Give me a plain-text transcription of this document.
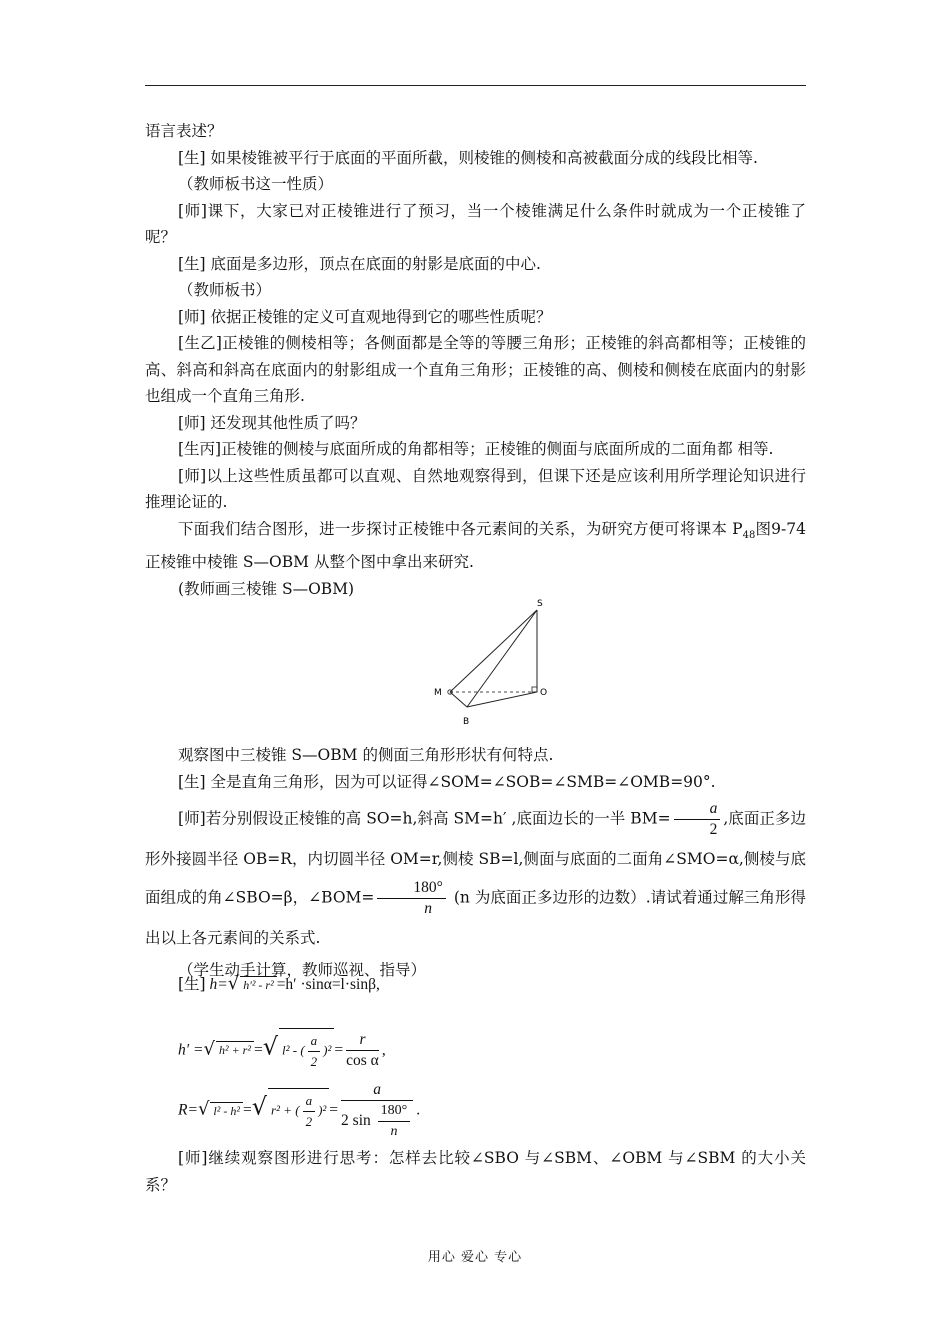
语言表述？

[生] 如果棱锥被平行于底面的平面所截，则棱锥的侧棱和高被截面分成的线段比相等.

（教师板书这一性质）

[师]课下，大家已对正棱锥进行了预习，当一个棱锥满足什么条件时就成为一个正棱锥了呢？

[生] 底面是多边形，顶点在底面的射影是底面的中心.

（教师板书）

[师] 依据正棱锥的定义可直观地得到它的哪些性质呢？

[生乙]正棱锥的侧棱相等；各侧面都是全等的等腰三角形；正棱锥的斜高都相等；正棱锥的高、斜高和斜高在底面内的射影组成一个直角三角形；正棱锥的高、侧棱和侧棱在底面内的射影也组成一个直角三角形.

[师] 还发现其他性质了吗？

[生丙]正棱锥的侧棱与底面所成的角都相等；正棱锥的侧面与底面所成的二面角都 相等.

[师]以上这些性质虽都可以直观、自然地观察得到，但课下还是应该利用所学理论知识进行推理论证的.

下面我们结合图形，进一步探讨正棱锥中各元素间的关系，为研究方便可将课本 $P_{48}$图9-74 正棱锥中棱锥 S—OBM 从整个图中拿出来研究.

(教师画三棱锥 S—OBM)

观察图中三棱锥 S—OBM 的侧面三角形形状有何特点.

[生] 全是直角三角形，因为可以证得∠SOM=∠SOB=∠SMB=∠OMB=90°.

[师]若分别假设正棱锥的高 SO=h,斜高 SM=h′ ,底面边长的一半 $BM= \frac{a}{2}$ ,底面正多边形外接圆半径 OB=R，内切圆半径 OM=r,侧棱 SB=l,侧面与底面的二面角∠SMO=α,侧棱与底面组成的角∠SBO=β，∠BOM= $\frac{180^\circ}{n} (n$ 为底面正多边形的边数）.请试着通过解三角形得出以上各元素间的关系式.

（学生动手计算，教师巡视、指导）

S
M	O
B
[生] h=√ h′² - r² =h′ ·sinα=l·sinβ,
h′ =√ h² + r² =√ l² - ( $\frac{a}{2} )^2 = \frac{r}{\text{cos α}}$ ,
R=√ l² - h² =√ r² + ( $\frac{a}{2} )^2 = \frac{a}{2 \sin \frac{180^\circ}{n}}$ .

[师]继续观察图形进行思考：怎样去比较∠SBO 与∠SBM、∠OBM 与∠SBM 的大小关系？

用心 爱心 专心
